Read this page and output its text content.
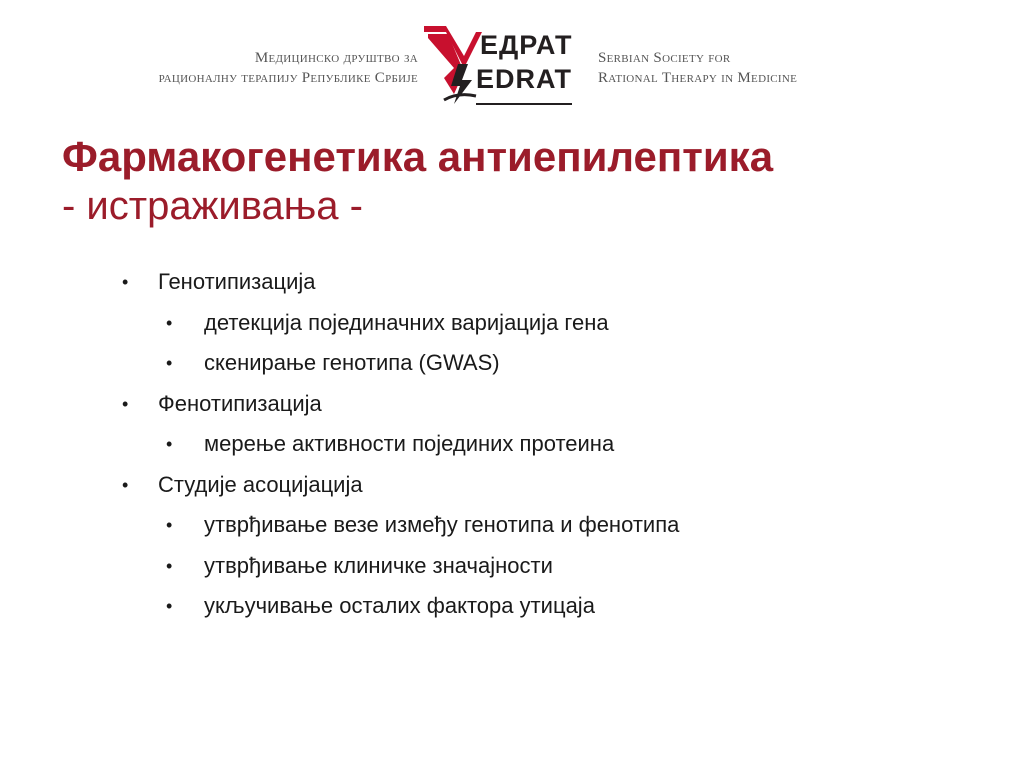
Медицинско друштво за
рационалну терапију Републике Србије
ЕДРАТ
EDRAT
Serbian Society for
Rational Therapy in Medicine
Фармакогенетика антиепилептика
- истраживања -
• Генотипизација
• детекција појединачних варијација гена
• скенирање генотипа (GWAS)
• Фенотипизација
• мерење активности појединих протеина
• Студије асоцијација
• утврђивање везе између генотипа и фенотипа
• утврђивање клиничке значајности
• укључивање осталих фактора утицаја
